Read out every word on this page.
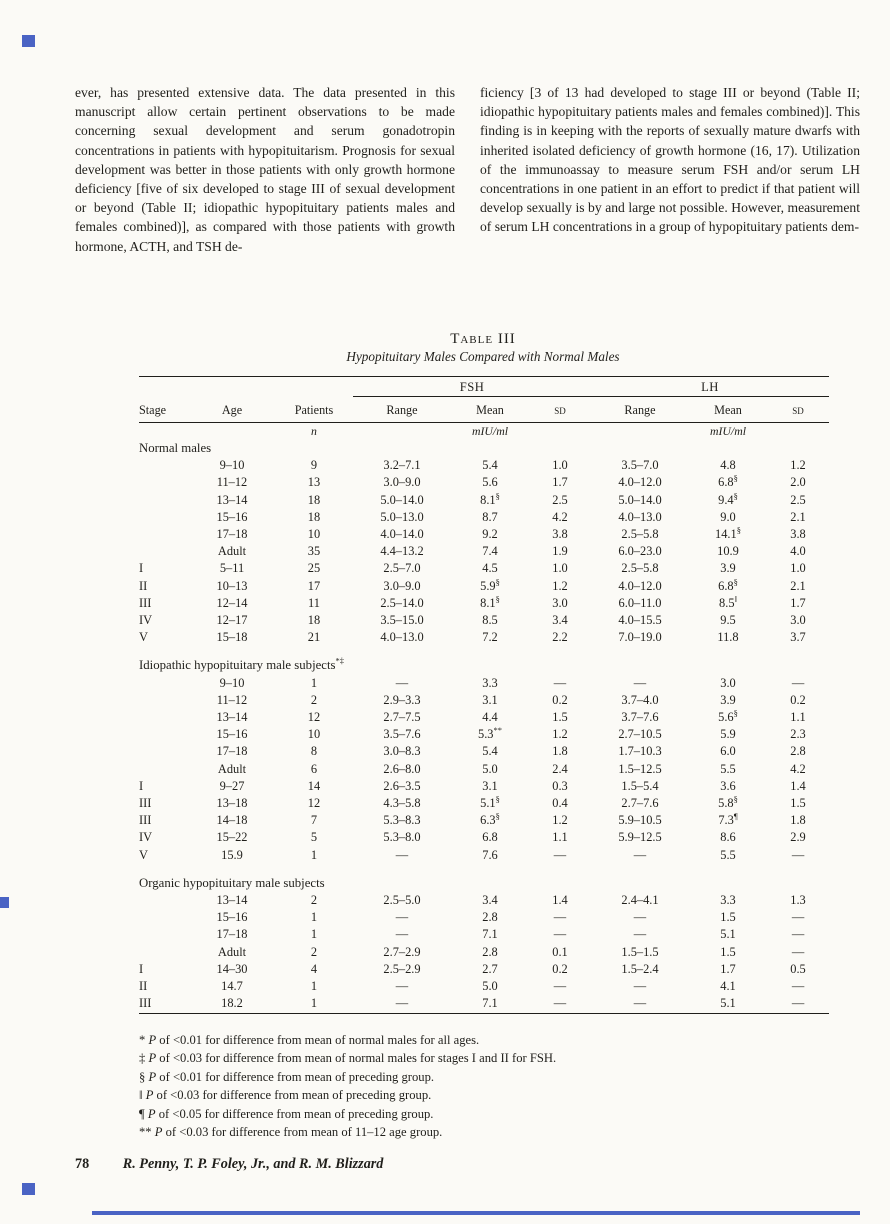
ever, has presented extensive data. The data presented in this manuscript allow certain pertinent observations to be made concerning sexual development and serum gonadotropin concentrations in patients with hypopituitarism. Prognosis for sexual development was better in those patients with only growth hormone deficiency [five of six developed to stage III of sexual development or beyond (Table II; idiopathic hypopituitary patients males and females combined)], as compared with those patients with growth hormone, ACTH, and TSH de-
ficiency [3 of 13 had developed to stage III or beyond (Table II; idiopathic hypopituitary patients males and females combined)]. This finding is in keeping with the reports of sexually mature dwarfs with inherited isolated deficiency of growth hormone (16, 17). Utilization of the immunoassay to measure serum FSH and/or serum LH concentrations in one patient in an effort to predict if that patient will develop sexually is by and large not possible. However, measurement of serum LH concentrations in a group of hypopituitary patients dem-
Table III
Hypopituitary Males Compared with Normal Males
			FSH			LH		
Stage	Age	Patients	Range	Mean	sd	Range	Mean	sd
		n		mIU/ml			mIU/ml	
Normal males								
	9–10	9	3.2–7.1	5.4	1.0	3.5–7.0	4.8	1.2
	11–12	13	3.0–9.0	5.6	1.7	4.0–12.0	6.8§	2.0
	13–14	18	5.0–14.0	8.1§	2.5	5.0–14.0	9.4§	2.5
	15–16	18	5.0–13.0	8.7	4.2	4.0–13.0	9.0	2.1
	17–18	10	4.0–14.0	9.2	3.8	2.5–5.8	14.1§	3.8
	Adult	35	4.4–13.2	7.4	1.9	6.0–23.0	10.9	4.0
I	5–11	25	2.5–7.0	4.5	1.0	2.5–5.8	3.9	1.0
II	10–13	17	3.0–9.0	5.9§	1.2	4.0–12.0	6.8§	2.1
III	12–14	11	2.5–14.0	8.1§	3.0	6.0–11.0	8.5‖	1.7
IV	12–17	18	3.5–15.0	8.5	3.4	4.0–15.5	9.5	3.0
V	15–18	21	4.0–13.0	7.2	2.2	7.0–19.0	11.8	3.7
Idiopathic hypopituitary male subjects*‡
	9–10	1	—	3.3	—	—	3.0	—
	11–12	2	2.9–3.3	3.1	0.2	3.7–4.0	3.9	0.2
	13–14	12	2.7–7.5	4.4	1.5	3.7–7.6	5.6§	1.1
	15–16	10	3.5–7.6	5.3**	1.2	2.7–10.5	5.9	2.3
	17–18	8	3.0–8.3	5.4	1.8	1.7–10.3	6.0	2.8
	Adult	6	2.6–8.0	5.0	2.4	1.5–12.5	5.5	4.2
I	9–27	14	2.6–3.5	3.1	0.3	1.5–5.4	3.6	1.4
III	13–18	12	4.3–5.8	5.1§	0.4	2.7–7.6	5.8§	1.5
III	14–18	7	5.3–8.3	6.3§	1.2	5.9–10.5	7.3¶	1.8
IV	15–22	5	5.3–8.0	6.8	1.1	5.9–12.5	8.6	2.9
V	15.9	1	—	7.6	—	—	5.5	—
Organic hypopituitary male subjects								
	13–14	2	2.5–5.0	3.4	1.4	2.4–4.1	3.3	1.3
	15–16	1	—	2.8	—	—	1.5	—
	17–18	1	—	7.1	—	—	5.1	—
	Adult	2	2.7–2.9	2.8	0.1	1.5–1.5	1.5	—
I	14–30	4	2.5–2.9	2.7	0.2	1.5–2.4	1.7	0.5
II	14.7	1	—	5.0	—	—	4.1	—
III	18.2	1	—	7.1	—	—	5.1	—
* P of <0.01 for difference from mean of normal males for all ages.
‡ P of <0.03 for difference from mean of normal males for stages I and II for FSH.
§ P of <0.01 for difference from mean of preceding group.
‖ P of <0.03 for difference from mean of preceding group.
¶ P of <0.05 for difference from mean of preceding group.
** P of <0.03 for difference from mean of 11–12 age group.
78 R. Penny, T. P. Foley, Jr., and R. M. Blizzard
